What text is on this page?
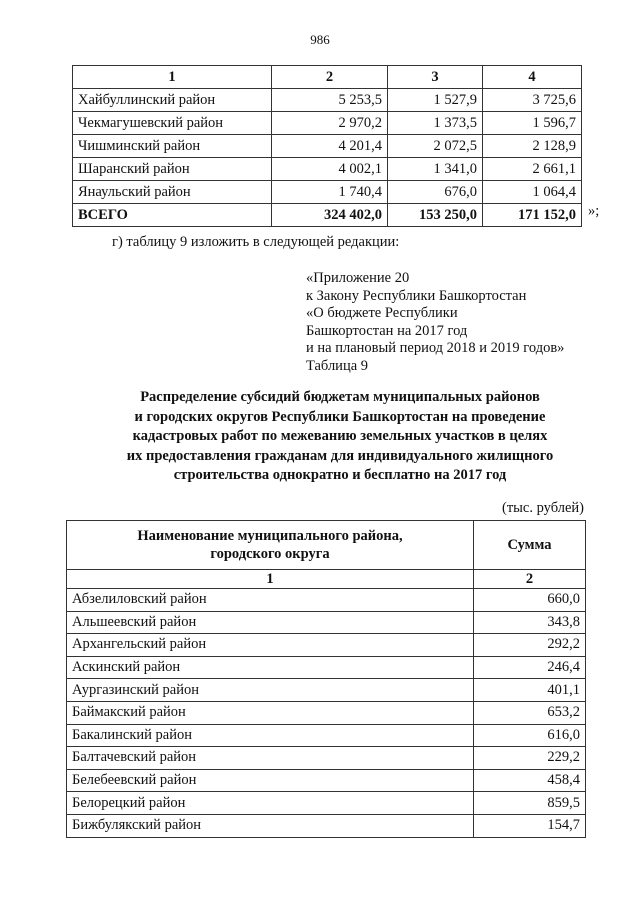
986
1	2	3	4
Хайбуллинский район	5 253,5	1 527,9	3 725,6
Чекмагушевский район	2 970,2	1 373,5	1 596,7
Чишминский район	4 201,4	2 072,5	2 128,9
Шаранский район	4 002,1	1 341,0	2 661,1
Янаульский район	1 740,4	676,0	1 064,4
ВСЕГО	324 402,0	153 250,0	171 152,0 »;
г) таблицу 9 изложить в следующей редакции:
«Приложение 20
к Закону Республики Башкортостан
«О бюджете Республики
Башкортостан на 2017 год
и на плановый период 2018 и 2019 годов»
Таблица 9
Распределение субсидий бюджетам муниципальных районов
и городских округов Республики Башкортостан на проведение
кадастровых работ по межеванию земельных участков в целях
их предоставления гражданам для индивидуального жилищного
строительства однократно и бесплатно на 2017 год
(тыс. рублей)
Наименование муниципального района,
городского округа	Сумма
1	2
Абзелиловский район	660,0
Альшеевский район	343,8
Архангельский район	292,2
Аскинский район	246,4
Аургазинский район	401,1
Баймакский район	653,2
Бакалинский район	616,0
Балтачевский район	229,2
Белебеевский район	458,4
Белорецкий район	859,5
Бижбулякский район	154,7
